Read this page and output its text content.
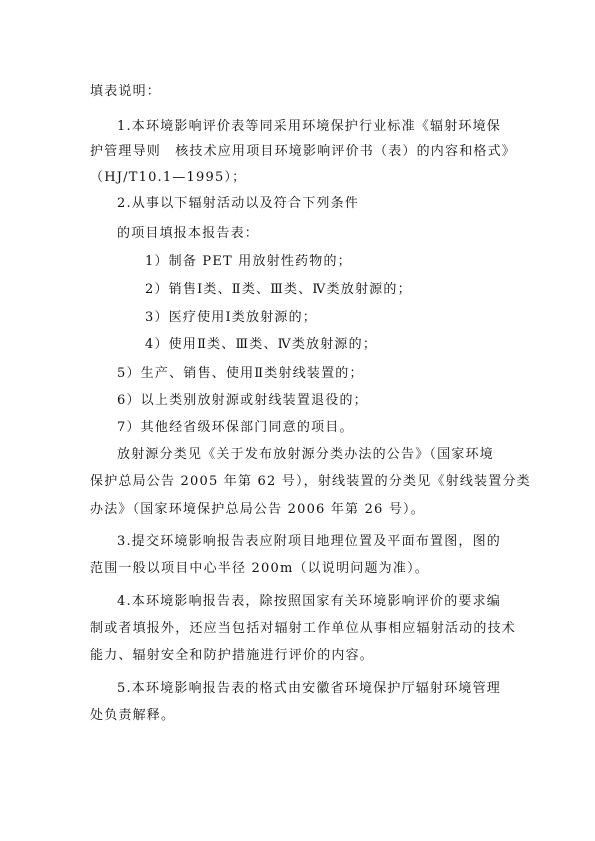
填表说明：
1.本环境影响评价表等同采用环境保护行业标准《辐射环境保
护管理导则　核技术应用项目环境影响评价书（表）的内容和格式》
（HJ/T10.1—1995）；
2.从事以下辐射活动以及符合下列条件
的项目填报本报告表：
1）制备 PET 用放射性药物的；
2）销售Ⅰ类、Ⅱ类、Ⅲ类、Ⅳ类放射源的；
3）医疗使用Ⅰ类放射源的；
4）使用Ⅱ类、Ⅲ类、Ⅳ类放射源的；
5）生产、销售、使用Ⅱ类射线装置的；
6）以上类别放射源或射线装置退役的；
7）其他经省级环保部门同意的项目。
放射源分类见《关于发布放射源分类办法的公告》（国家环境
保护总局公告 2005 年第 62 号），射线装置的分类见《射线装置分类
办法》（国家环境保护总局公告 2006 年第 26 号）。
3.提交环境影响报告表应附项目地理位置及平面布置图，图的
范围一般以项目中心半径 200m（以说明问题为准）。
4.本环境影响报告表，除按照国家有关环境影响评价的要求编
制或者填报外，还应当包括对辐射工作单位从事相应辐射活动的技术
能力、辐射安全和防护措施进行评价的内容。
5.本环境影响报告表的格式由安徽省环境保护厅辐射环境管理
处负责解释。
